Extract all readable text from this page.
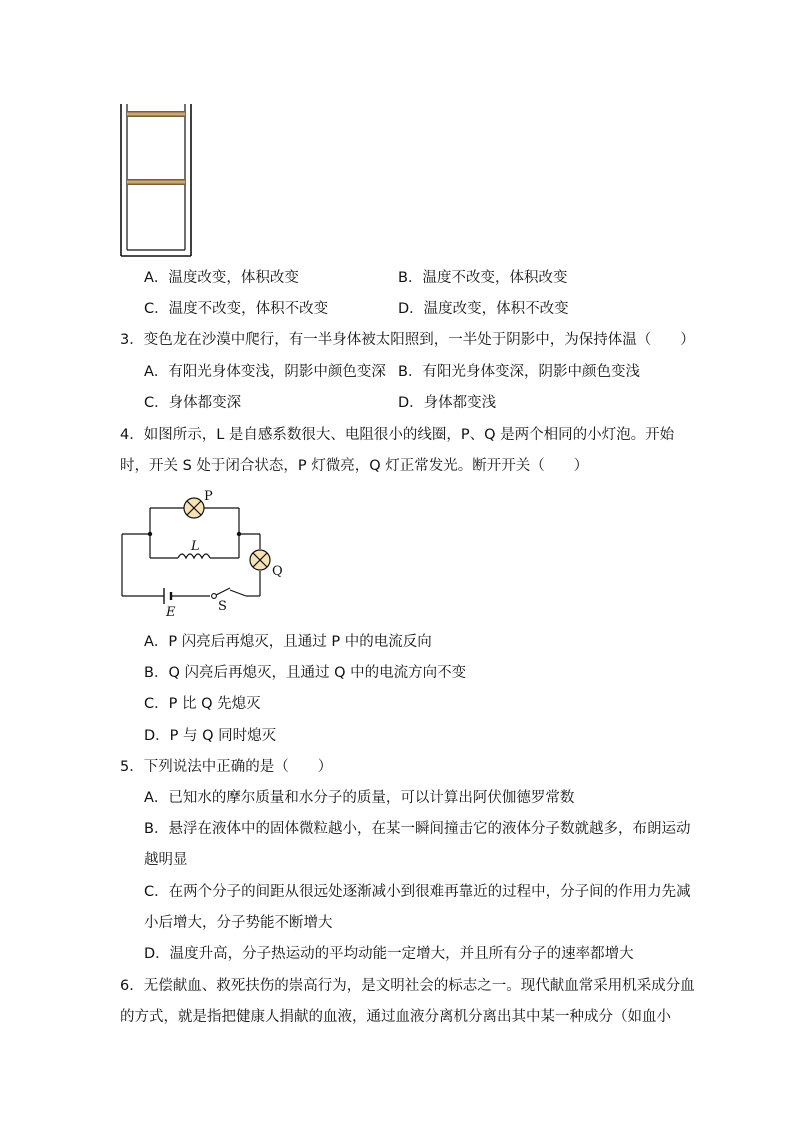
A．温度改变，体积改变	B．温度不改变，体积改变
C．温度不改变，体积不改变	D．温度改变，体积不改变
3．变色龙在沙漠中爬行，有一半身体被太阳照到，一半处于阴影中，为保持体温（　　）
A．有阳光身体变浅，阴影中颜色变深 B．有阳光身体变深，阴影中颜色变浅
C．身体都变深	D．身体都变浅
4．如图所示，L 是自感系数很大、电阻很小的线圈，P、Q 是两个相同的小灯泡。开始
时，开关 S 处于闭合状态，P 灯微亮，Q 灯正常发光。断开开关（　　）
P
Q
L
E	S
A．P 闪亮后再熄灭，且通过 P 中的电流反向
B．Q 闪亮后再熄灭，且通过 Q 中的电流方向不变
C．P 比 Q 先熄灭
D．P 与 Q 同时熄灭
5．下列说法中正确的是（　　）
A．已知水的摩尔质量和水分子的质量，可以计算出阿伏伽德罗常数
B．悬浮在液体中的固体微粒越小，在某一瞬间撞击它的液体分子数就越多，布朗运动
越明显
C．在两个分子的间距从很远处逐渐减小到很难再靠近的过程中，分子间的作用力先减
小后增大，分子势能不断增大
D．温度升高，分子热运动的平均动能一定增大，并且所有分子的速率都增大
6．无偿献血、救死扶伤的崇高行为，是文明社会的标志之一。现代献血常采用机采成分血
的方式，就是指把健康人捐献的血液，通过血液分离机分离出其中某一种成分（如血小
